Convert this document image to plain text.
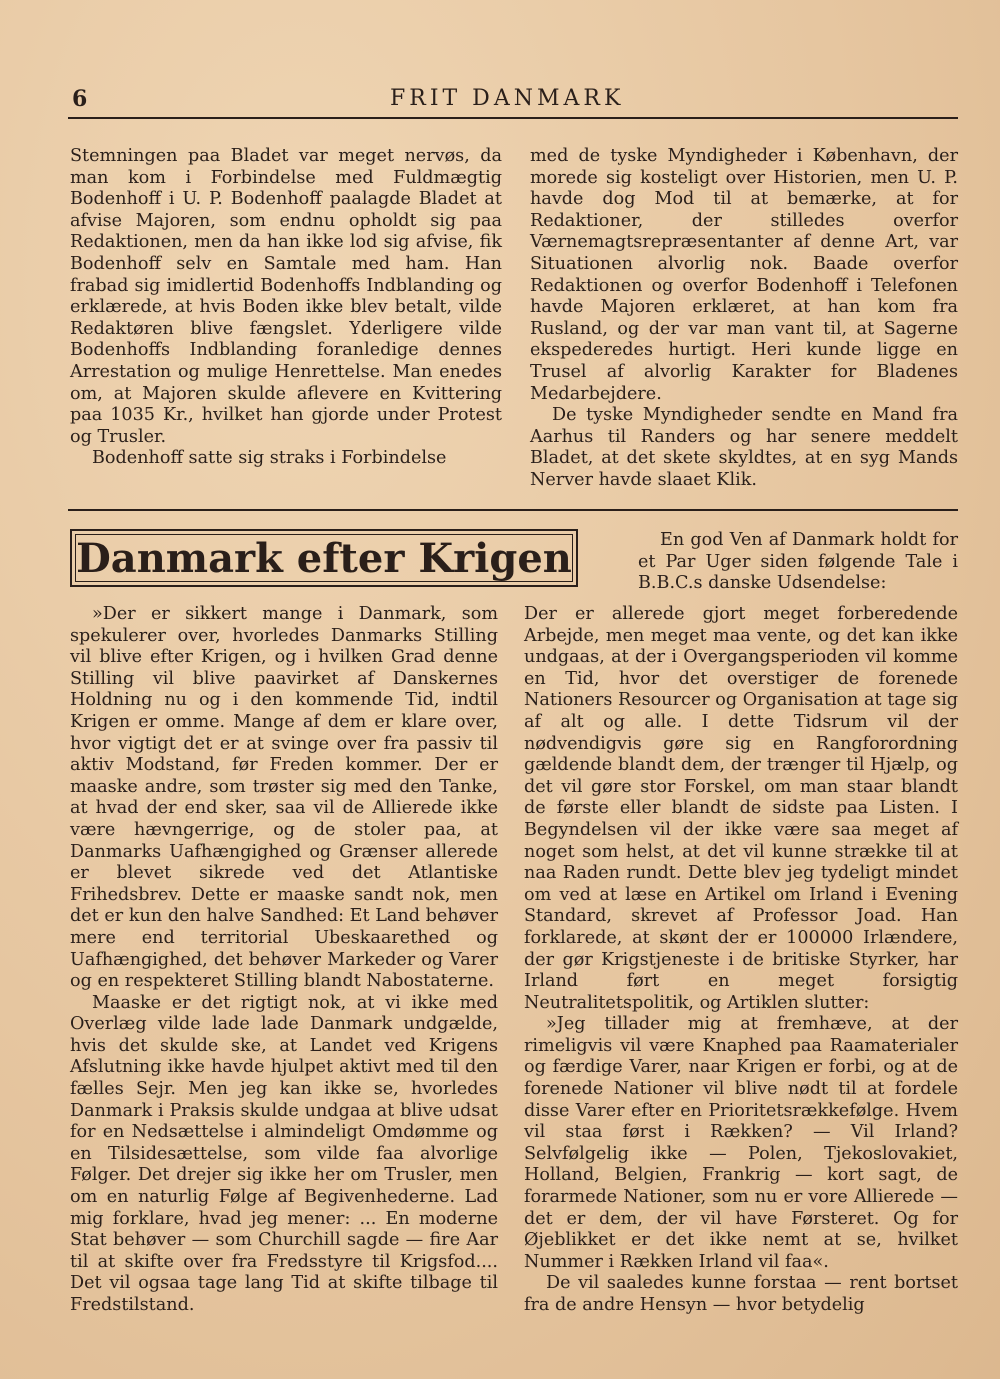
6	FRIT DANMARK

Stemningen paa Bladet var meget nervøs, da man kom i Forbindelse med Fuldmægtig Bodenhoff i U. P. Bodenhoff paalagde Bladet at afvise Majoren, som endnu opholdt sig paa Redaktionen, men da han ikke lod sig afvise, fik Bodenhoff selv en Samtale med ham. Han frabad sig imidlertid Bodenhoffs Indblanding og erklærede, at hvis Boden ikke blev betalt, vilde Redaktøren blive fængslet. Yderligere vilde Bodenhoffs Indblanding foranledige dennes Arrestation og mulige Henrettelse. Man enedes om, at Majoren skulde aflevere en Kvittering paa 1035 Kr., hvilket han gjorde under Protest og Trusler.

Bodenhoff satte sig straks i Forbindelse

med de tyske Myndigheder i København, der morede sig kosteligt over Historien, men U. P. havde dog Mod til at bemærke, at for Redaktioner, der stilledes overfor Værnemagtsrepræsentanter af denne Art, var Situationen alvorlig nok. Baade overfor Redaktionen og overfor Bodenhoff i Telefonen havde Majoren erklæret, at han kom fra Rusland, og der var man vant til, at Sagerne ekspederedes hurtigt. Heri kunde ligge en Trusel af alvorlig Karakter for Bladenes Medarbejdere.

De tyske Myndigheder sendte en Mand fra Aarhus til Randers og har senere meddelt Bladet, at det skete skyldtes, at en syg Mands Nerver havde slaaet Klik.

Danmark efter Krigen	En god Ven af Danmark holdt for et Par Uger siden følgende Tale i B.B.C.s danske Udsendelse:

»Der er sikkert mange i Danmark, som spekulerer over, hvorledes Danmarks Stilling vil blive efter Krigen, og i hvilken Grad denne Stilling vil blive paavirket af Danskernes Holdning nu og i den kommende Tid, indtil Krigen er omme. Mange af dem er klare over, hvor vigtigt det er at svinge over fra passiv til aktiv Modstand, før Freden kommer. Der er maaske andre, som trøster sig med den Tanke, at hvad der end sker, saa vil de Allierede ikke være hævngerrige, og de stoler paa, at Danmarks Uafhængighed og Grænser allerede er blevet sikrede ved det Atlantiske Frihedsbrev. Dette er maaske sandt nok, men det er kun den halve Sandhed: Et Land behøver mere end territorial Ubeskaarethed og Uafhængighed, det behøver Markeder og Varer og en respekteret Stilling blandt Nabostaterne.

Maaske er det rigtigt nok, at vi ikke med Overlæg vilde lade lade Danmark undgælde, hvis det skulde ske, at Landet ved Krigens Afslutning ikke havde hjulpet aktivt med til den fælles Sejr. Men jeg kan ikke se, hvorledes Danmark i Praksis skulde undgaa at blive udsat for en Nedsættelse i almindeligt Omdømme og en Tilsidesættelse, som vilde faa alvorlige Følger. Det drejer sig ikke her om Trusler, men om en naturlig Følge af Begivenhederne. Lad mig forklare, hvad jeg mener: ... En moderne Stat behøver — som Churchill sagde — fire Aar til at skifte over fra Fredsstyre til Krigsfod.... Det vil ogsaa tage lang Tid at skifte tilbage til Fredstilstand.

Der er allerede gjort meget forberedende Arbejde, men meget maa vente, og det kan ikke undgaas, at der i Overgangsperioden vil komme en Tid, hvor det overstiger de forenede Nationers Resourcer og Organisation at tage sig af alt og alle. I dette Tidsrum vil der nødvendigvis gøre sig en Rangforordning gældende blandt dem, der trænger til Hjælp, og det vil gøre stor Forskel, om man staar blandt de første eller blandt de sidste paa Listen. I Begyndelsen vil der ikke være saa meget af noget som helst, at det vil kunne strække til at naa Raden rundt. Dette blev jeg tydeligt mindet om ved at læse en Artikel om Irland i Evening Standard, skrevet af Professor Joad. Han forklarede, at skønt der er 100000 Irlændere, der gør Krigstjeneste i de britiske Styrker, har Irland ført en meget forsigtig Neutralitetspolitik, og Artiklen slutter:

»Jeg tillader mig at fremhæve, at der rimeligvis vil være Knaphed paa Raamaterialer og færdige Varer, naar Krigen er forbi, og at de forenede Nationer vil blive nødt til at fordele disse Varer efter en Prioritetsrækkefølge. Hvem vil staa først i Rækken? — Vil Irland? Selvfølgelig ikke — Polen, Tjekoslovakiet, Holland, Belgien, Frankrig — kort sagt, de forarmede Nationer, som nu er vore Allierede — det er dem, der vil have Førsteret. Og for Øjeblikket er det ikke nemt at se, hvilket Nummer i Rækken Irland vil faa«.

De vil saaledes kunne forstaa — rent bortset fra de andre Hensyn — hvor betydelig
